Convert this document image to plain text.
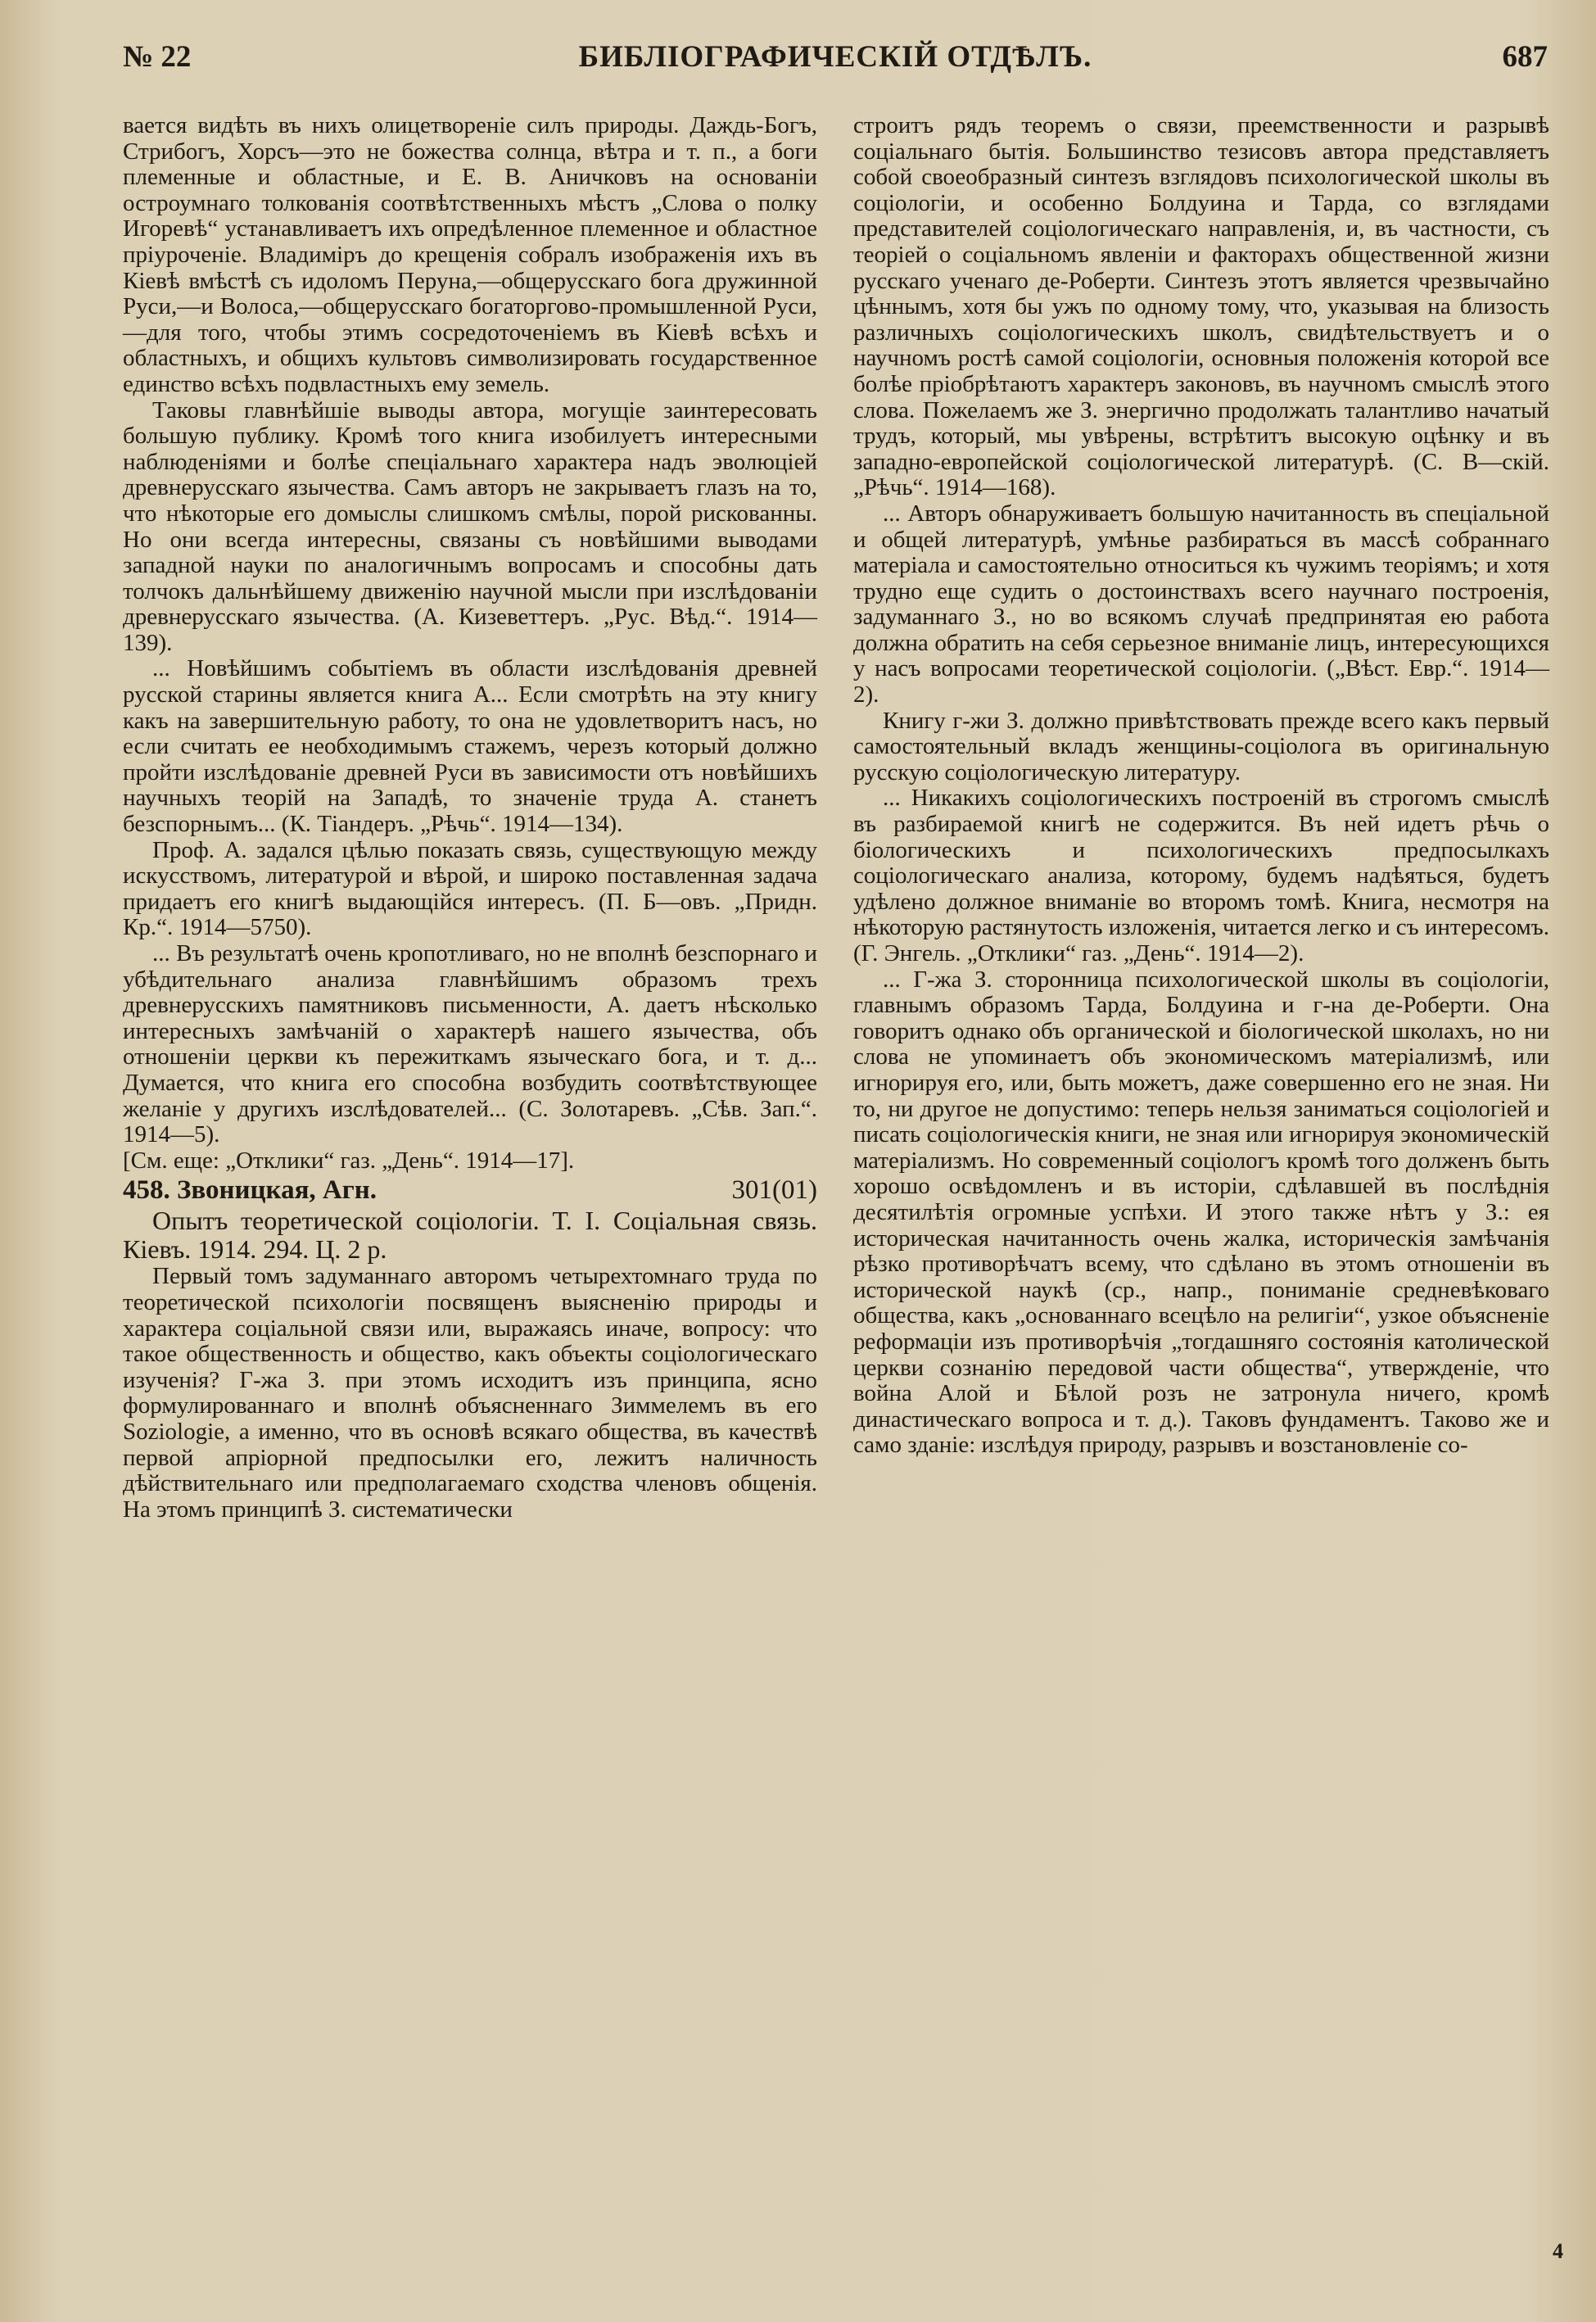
№ 22	БИБЛІОГРАФИЧЕСКІЙ ОТДѢЛЪ.	687

вается видѣть въ нихъ олицетвореніе силъ природы. Даждь-Богъ, Стрибогъ, Хорсъ—это не божества солнца, вѣтра и т. п., а боги племенные и областные, и Е. В. Аничковъ на основаніи остроумнаго толкованія соотвѣтственныхъ мѣстъ „Слова о полку Игоревѣ“ устанавливаетъ ихъ опредѣленное племенное и областное пріуроченіе. Владиміръ до крещенія собралъ изображенія ихъ въ Кіевѣ вмѣстѣ съ идоломъ Перуна,—общерусскаго бога дружинной Руси,—и Волоса,—общерусскаго богаторгово-промышленной Руси,—для того, чтобы этимъ сосредоточеніемъ въ Кіевѣ всѣхъ и областныхъ, и общихъ культовъ символизировать государственное единство всѣхъ подвластныхъ ему земель.

Таковы главнѣйшіе выводы автора, могущіе заинтересовать большую публику. Кромѣ того книга изобилуетъ интересными наблюденіями и болѣе спеціальнаго характера надъ эволюціей древнерусскаго язычества. Самъ авторъ не закрываетъ глазъ на то, что нѣкоторые его домыслы слишкомъ смѣлы, порой рискованны. Но они всегда интересны, связаны съ новѣйшими выводами западной науки по аналогичнымъ вопросамъ и способны дать толчокъ дальнѣйшему движенію научной мысли при изслѣдованіи древнерусскаго язычества. (А. Кизеветтеръ. „Рус. Вѣд.“. 1914—139).

... Новѣйшимъ событіемъ въ области изслѣдованія древней русской старины является книга А... Если смотрѣть на эту книгу какъ на завершительную работу, то она не удовлетворитъ насъ, но если считать ее необходимымъ стажемъ, черезъ который должно пройти изслѣдованіе древней Руси въ зависимости отъ новѣйшихъ научныхъ теорій на Западѣ, то значеніе труда А. станетъ безспорнымъ... (К. Тіандеръ. „Рѣчь“. 1914—134).

Проф. А. задался цѣлью показать связь, существующую между искусствомъ, литературой и вѣрой, и широко поставленная задача придаетъ его книгѣ выдающійся интересъ. (П. Б—овъ. „Придн. Кр.“. 1914—5750).

... Въ результатѣ очень кропотливаго, но не вполнѣ безспорнаго и убѣдительнаго анализа главнѣйшимъ образомъ трехъ древнерусскихъ памятниковъ письменности, А. даетъ нѣсколько интересныхъ замѣчаній о характерѣ нашего язычества, объ отношеніи церкви къ пережиткамъ языческаго бога, и т. д... Думается, что книга его способна возбудить соотвѣтствующее желаніе у другихъ изслѣдователей... (С. Золотаревъ. „Сѣв. Зап.“. 1914—5).

[См. еще: „Отклики“ газ. „День“. 1914—17].

458. Звоницкая, Агн.	301(01)

Опытъ теоретической соціологіи. Т. I. Соціальная связь. Кіевъ. 1914. 294. Ц. 2 р.

Первый томъ задуманнаго авторомъ четырехтомнаго труда по теоретической психологіи посвященъ выясненію природы и характера соціальной связи или, выражаясь иначе, вопросу: что такое общественность и общество, какъ объекты соціологическаго изученія? Г-жа З. при этомъ исходитъ изъ принципа, ясно формулированнаго и вполнѣ объясненнаго Зиммелемъ въ его Soziologie, а именно, что въ основѣ всякаго общества, въ качествѣ первой апріорной предпосылки его, лежитъ наличность дѣйствительнаго или предполагаемаго сходства членовъ общенія. На этомъ принципѣ З. систематически

строитъ рядъ теоремъ о связи, преемственности и разрывѣ соціальнаго бытія. Большинство тезисовъ автора представляетъ собой своеобразный синтезъ взглядовъ психологической школы въ соціологіи, и особенно Болдуина и Тарда, со взглядами представителей соціологическаго направленія, и, въ частности, съ теоріей о соціальномъ явленіи и факторахъ общественной жизни русскаго ученаго де-Роберти. Синтезъ этотъ является чрезвычайно цѣннымъ, хотя бы ужъ по одному тому, что, указывая на близость различныхъ соціологическихъ школъ, свидѣтельствуетъ и о научномъ ростѣ самой соціологіи, основныя положенія которой все болѣе пріобрѣтаютъ характеръ законовъ, въ научномъ смыслѣ этого слова. Пожелаемъ же З. энергично продолжать талантливо начатый трудъ, который, мы увѣрены, встрѣтитъ высокую оцѣнку и въ западно-европейской соціологической литературѣ. (С. В—скій. „Рѣчь“. 1914—168).

... Авторъ обнаруживаетъ большую начитанность въ спеціальной и общей литературѣ, умѣнье разбираться въ массѣ собраннаго матеріала и самостоятельно относиться къ чужимъ теоріямъ; и хотя трудно еще судить о достоинствахъ всего научнаго построенія, задуманнаго З., но во всякомъ случаѣ предпринятая ею работа должна обратить на себя серьезное вниманіе лицъ, интересующихся у насъ вопросами теоретической соціологіи. („Вѣст. Евр.“. 1914—2).

Книгу г-жи З. должно привѣтствовать прежде всего какъ первый самостоятельный вкладъ женщины-соціолога въ оригинальную русскую соціологическую литературу.

... Никакихъ соціологическихъ построеній въ строгомъ смыслѣ въ разбираемой книгѣ не содержится. Въ ней идетъ рѣчь о біологическихъ и психологическихъ предпосылкахъ соціологическаго анализа, которому, будемъ надѣяться, будетъ удѣлено должное вниманіе во второмъ томѣ. Книга, несмотря на нѣкоторую растянутость изложенія, читается легко и съ интересомъ. (Г. Энгель. „Отклики“ газ. „День“. 1914—2).

... Г-жа З. сторонница психологической школы въ соціологіи, главнымъ образомъ Тарда, Болдуина и г-на де-Роберти. Она говоритъ однако объ органической и біологической школахъ, но ни слова не упоминаетъ объ экономическомъ матеріализмѣ, или игнорируя его, или, быть можетъ, даже совершенно его не зная. Ни то, ни другое не допустимо: теперь нельзя заниматься соціологіей и писать соціологическія книги, не зная или игнорируя экономическій матеріализмъ. Но современный соціологъ кромѣ того долженъ быть хорошо освѣдомленъ и въ исторіи, сдѣлавшей въ послѣднія десятилѣтія огромные успѣхи. И этого также нѣтъ у З.: ея историческая начитанность очень жалка, историческія замѣчанія рѣзко противорѣчатъ всему, что сдѣлано въ этомъ отношеніи въ исторической наукѣ (ср., напр., пониманіе средневѣковаго общества, какъ „основаннаго всецѣло на религіи“, узкое объясненіе реформаціи изъ противорѣчія „тогдашняго состоянія католической церкви сознанію передовой части общества“, утвержденіе, что война Алой и Бѣлой розъ не затронула ничего, кромѣ династическаго вопроса и т. д.). Таковъ фундаментъ. Таково же и само зданіе: изслѣдуя природу, разрывъ и возстановленіе со-

4
